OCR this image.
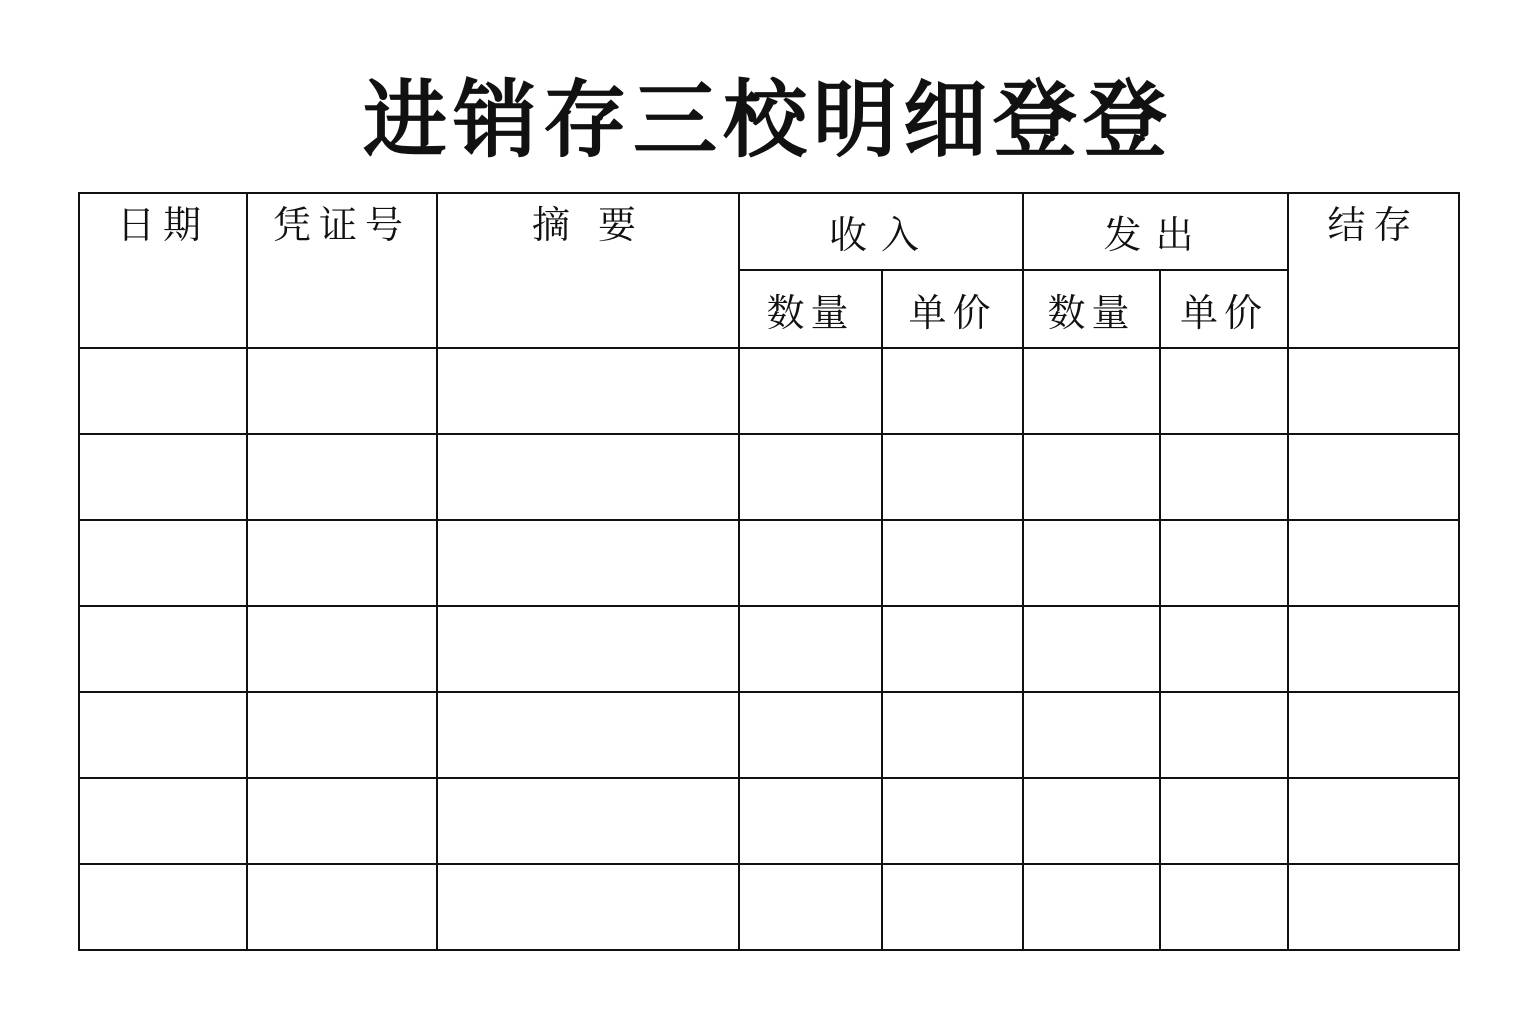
进销存三校明细登登
日期	凭证号	摘 要	收入		发出		结存
			数量	单价	数量	单价	
